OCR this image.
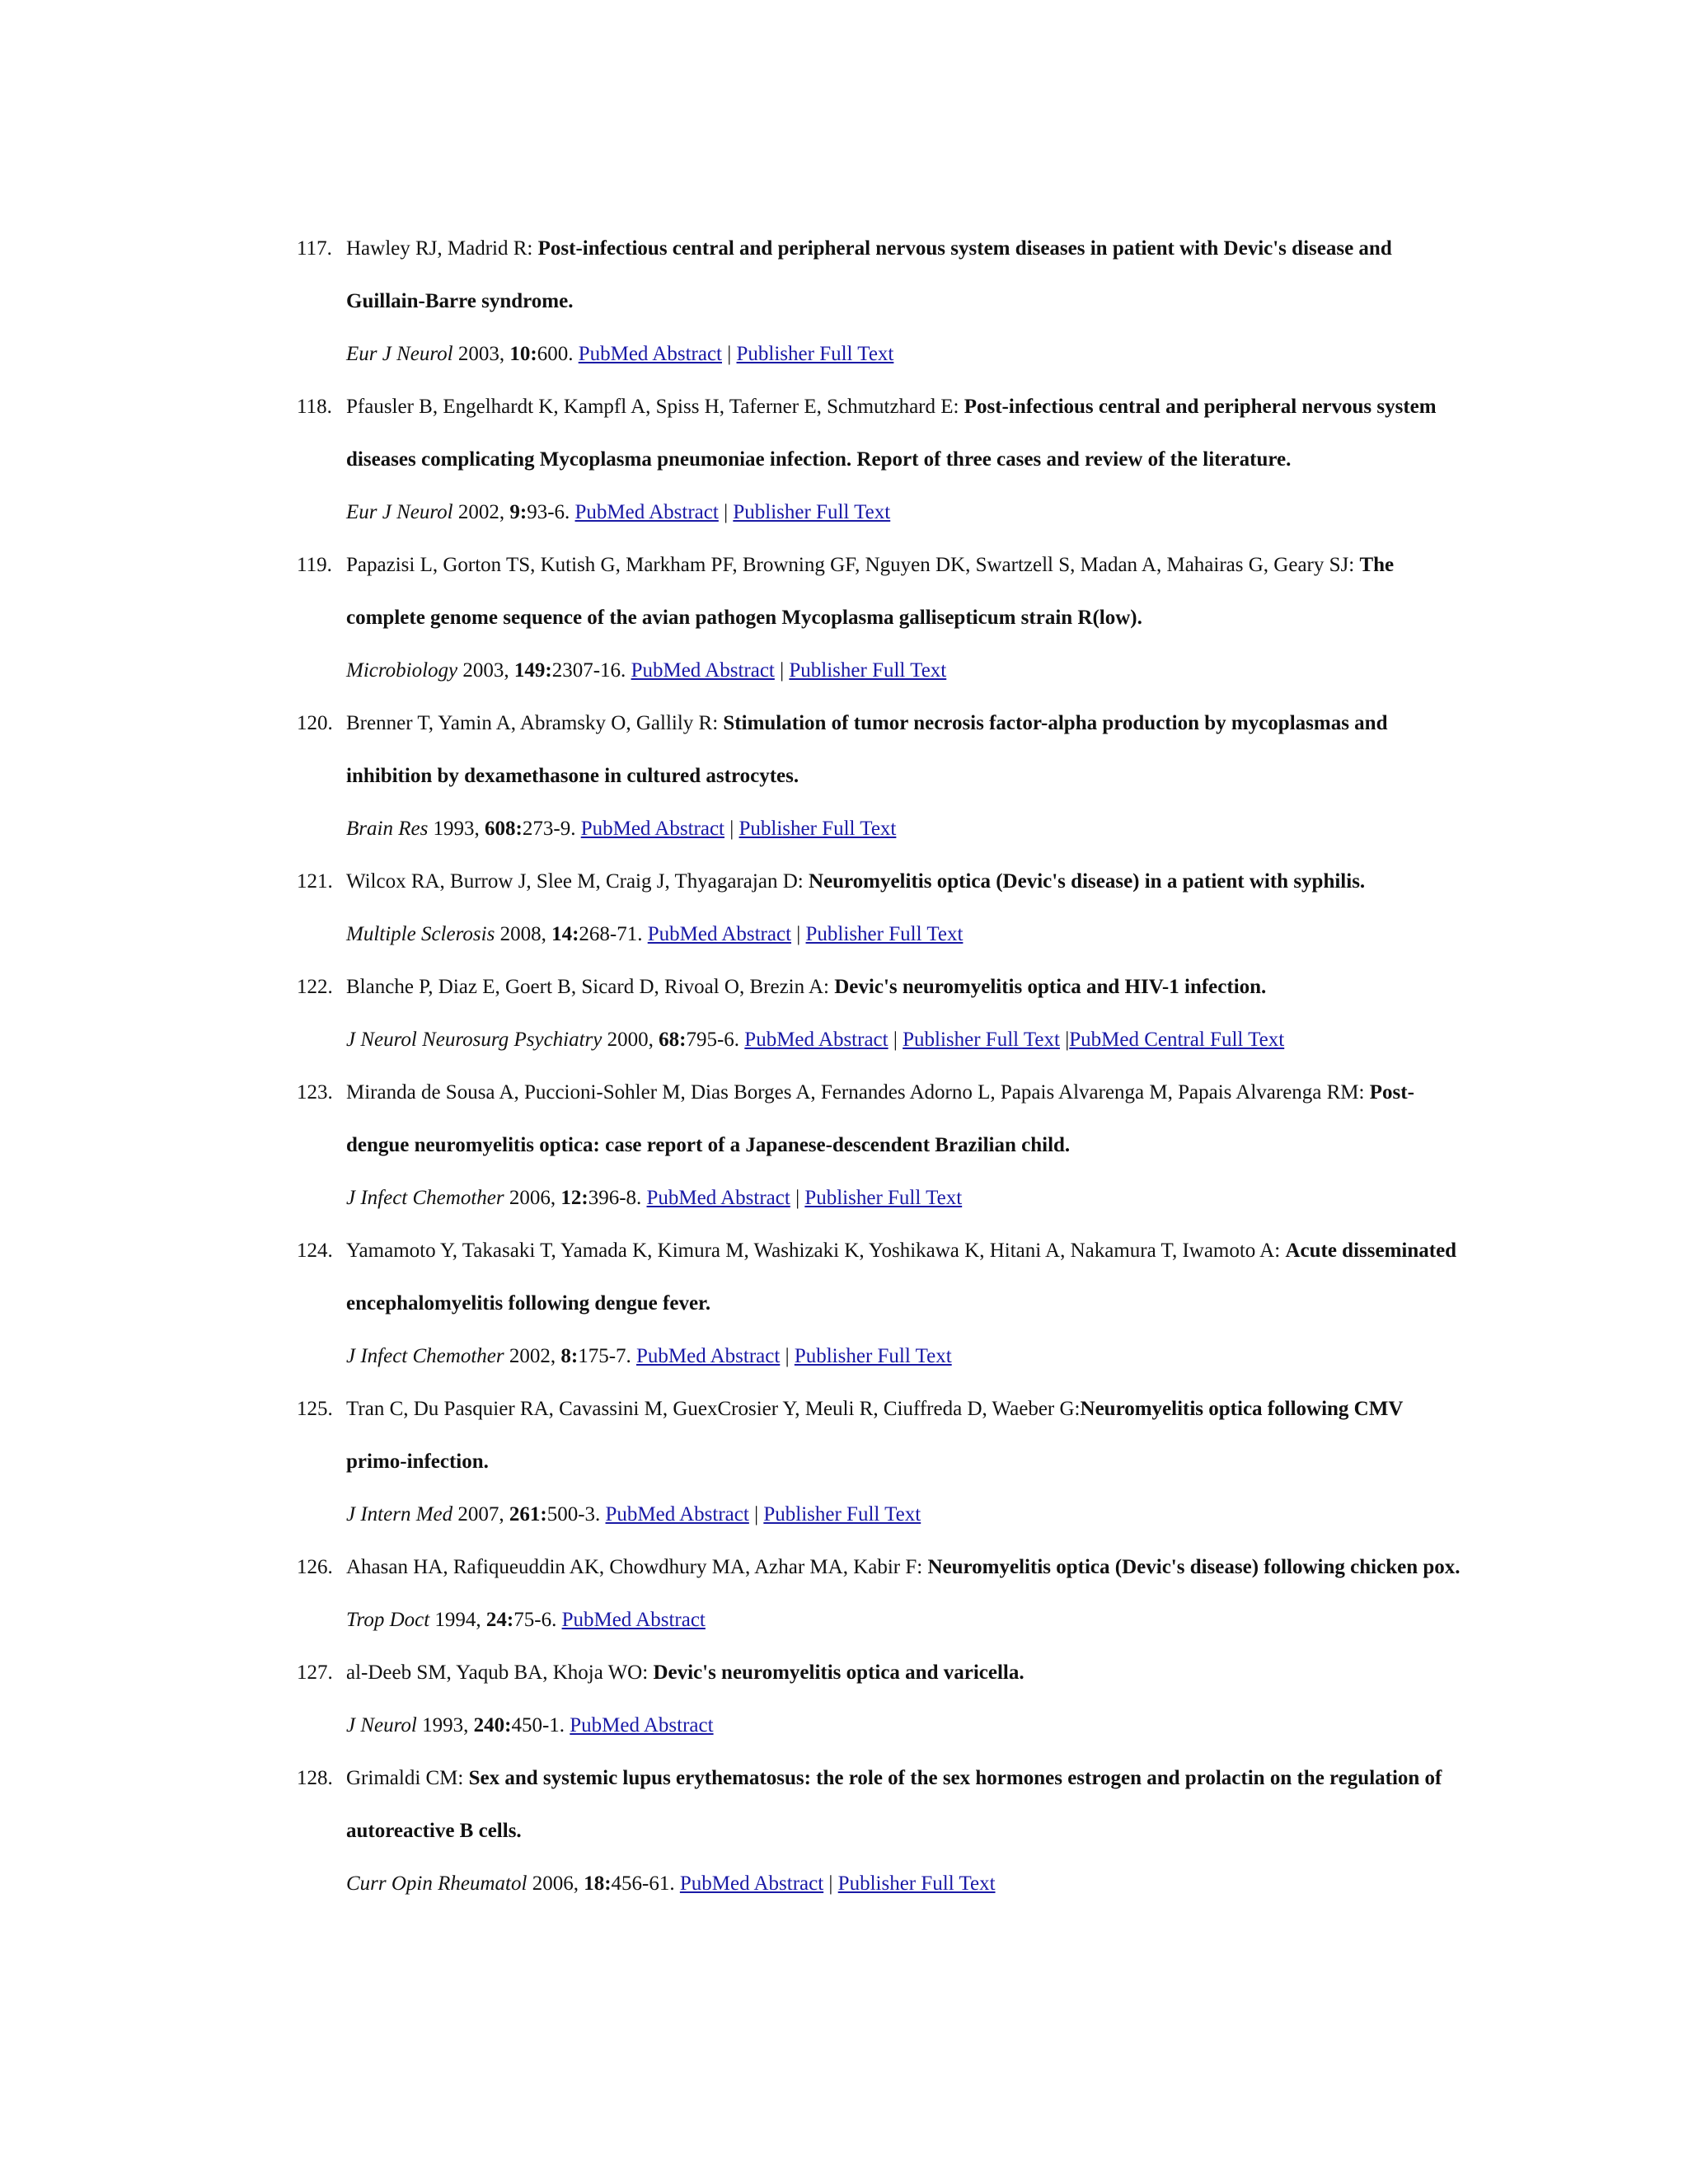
117. Hawley RJ, Madrid R: Post-infectious central and peripheral nervous system diseases in patient with Devic's disease and Guillain-Barre syndrome.
Eur J Neurol 2003, 10:600. PubMed Abstract | Publisher Full Text
118. Pfausler B, Engelhardt K, Kampfl A, Spiss H, Taferner E, Schmutzhard E: Post-infectious central and peripheral nervous system diseases complicating Mycoplasma pneumoniae infection. Report of three cases and review of the literature.
Eur J Neurol 2002, 9:93-6. PubMed Abstract | Publisher Full Text
119. Papazisi L, Gorton TS, Kutish G, Markham PF, Browning GF, Nguyen DK, Swartzell S, Madan A, Mahairas G, Geary SJ: The complete genome sequence of the avian pathogen Mycoplasma gallisepticum strain R(low).
Microbiology 2003, 149:2307-16. PubMed Abstract | Publisher Full Text
120. Brenner T, Yamin A, Abramsky O, Gallily R: Stimulation of tumor necrosis factor-alpha production by mycoplasmas and inhibition by dexamethasone in cultured astrocytes.
Brain Res 1993, 608:273-9. PubMed Abstract | Publisher Full Text
121. Wilcox RA, Burrow J, Slee M, Craig J, Thyagarajan D: Neuromyelitis optica (Devic's disease) in a patient with syphilis.
Multiple Sclerosis 2008, 14:268-71. PubMed Abstract | Publisher Full Text
122. Blanche P, Diaz E, Goert B, Sicard D, Rivoal O, Brezin A: Devic's neuromyelitis optica and HIV-1 infection.
J Neurol Neurosurg Psychiatry 2000, 68:795-6. PubMed Abstract | Publisher Full Text |PubMed Central Full Text
123. Miranda de Sousa A, Puccioni-Sohler M, Dias Borges A, Fernandes Adorno L, Papais Alvarenga M, Papais Alvarenga RM: Post-dengue neuromyelitis optica: case report of a Japanese-descendent Brazilian child.
J Infect Chemother 2006, 12:396-8. PubMed Abstract | Publisher Full Text
124. Yamamoto Y, Takasaki T, Yamada K, Kimura M, Washizaki K, Yoshikawa K, Hitani A, Nakamura T, Iwamoto A: Acute disseminated encephalomyelitis following dengue fever.
J Infect Chemother 2002, 8:175-7. PubMed Abstract | Publisher Full Text
125. Tran C, Du Pasquier RA, Cavassini M, GuexCrosier Y, Meuli R, Ciuffreda D, Waeber G:Neuromyelitis optica following CMV primo-infection.
J Intern Med 2007, 261:500-3. PubMed Abstract | Publisher Full Text
126. Ahasan HA, Rafiqueuddin AK, Chowdhury MA, Azhar MA, Kabir F: Neuromyelitis optica (Devic's disease) following chicken pox.
Trop Doct 1994, 24:75-6. PubMed Abstract
127. al-Deeb SM, Yaqub BA, Khoja WO: Devic's neuromyelitis optica and varicella.
J Neurol 1993, 240:450-1. PubMed Abstract
128. Grimaldi CM: Sex and systemic lupus erythematosus: the role of the sex hormones estrogen and prolactin on the regulation of autoreactive B cells.
Curr Opin Rheumatol 2006, 18:456-61. PubMed Abstract | Publisher Full Text
